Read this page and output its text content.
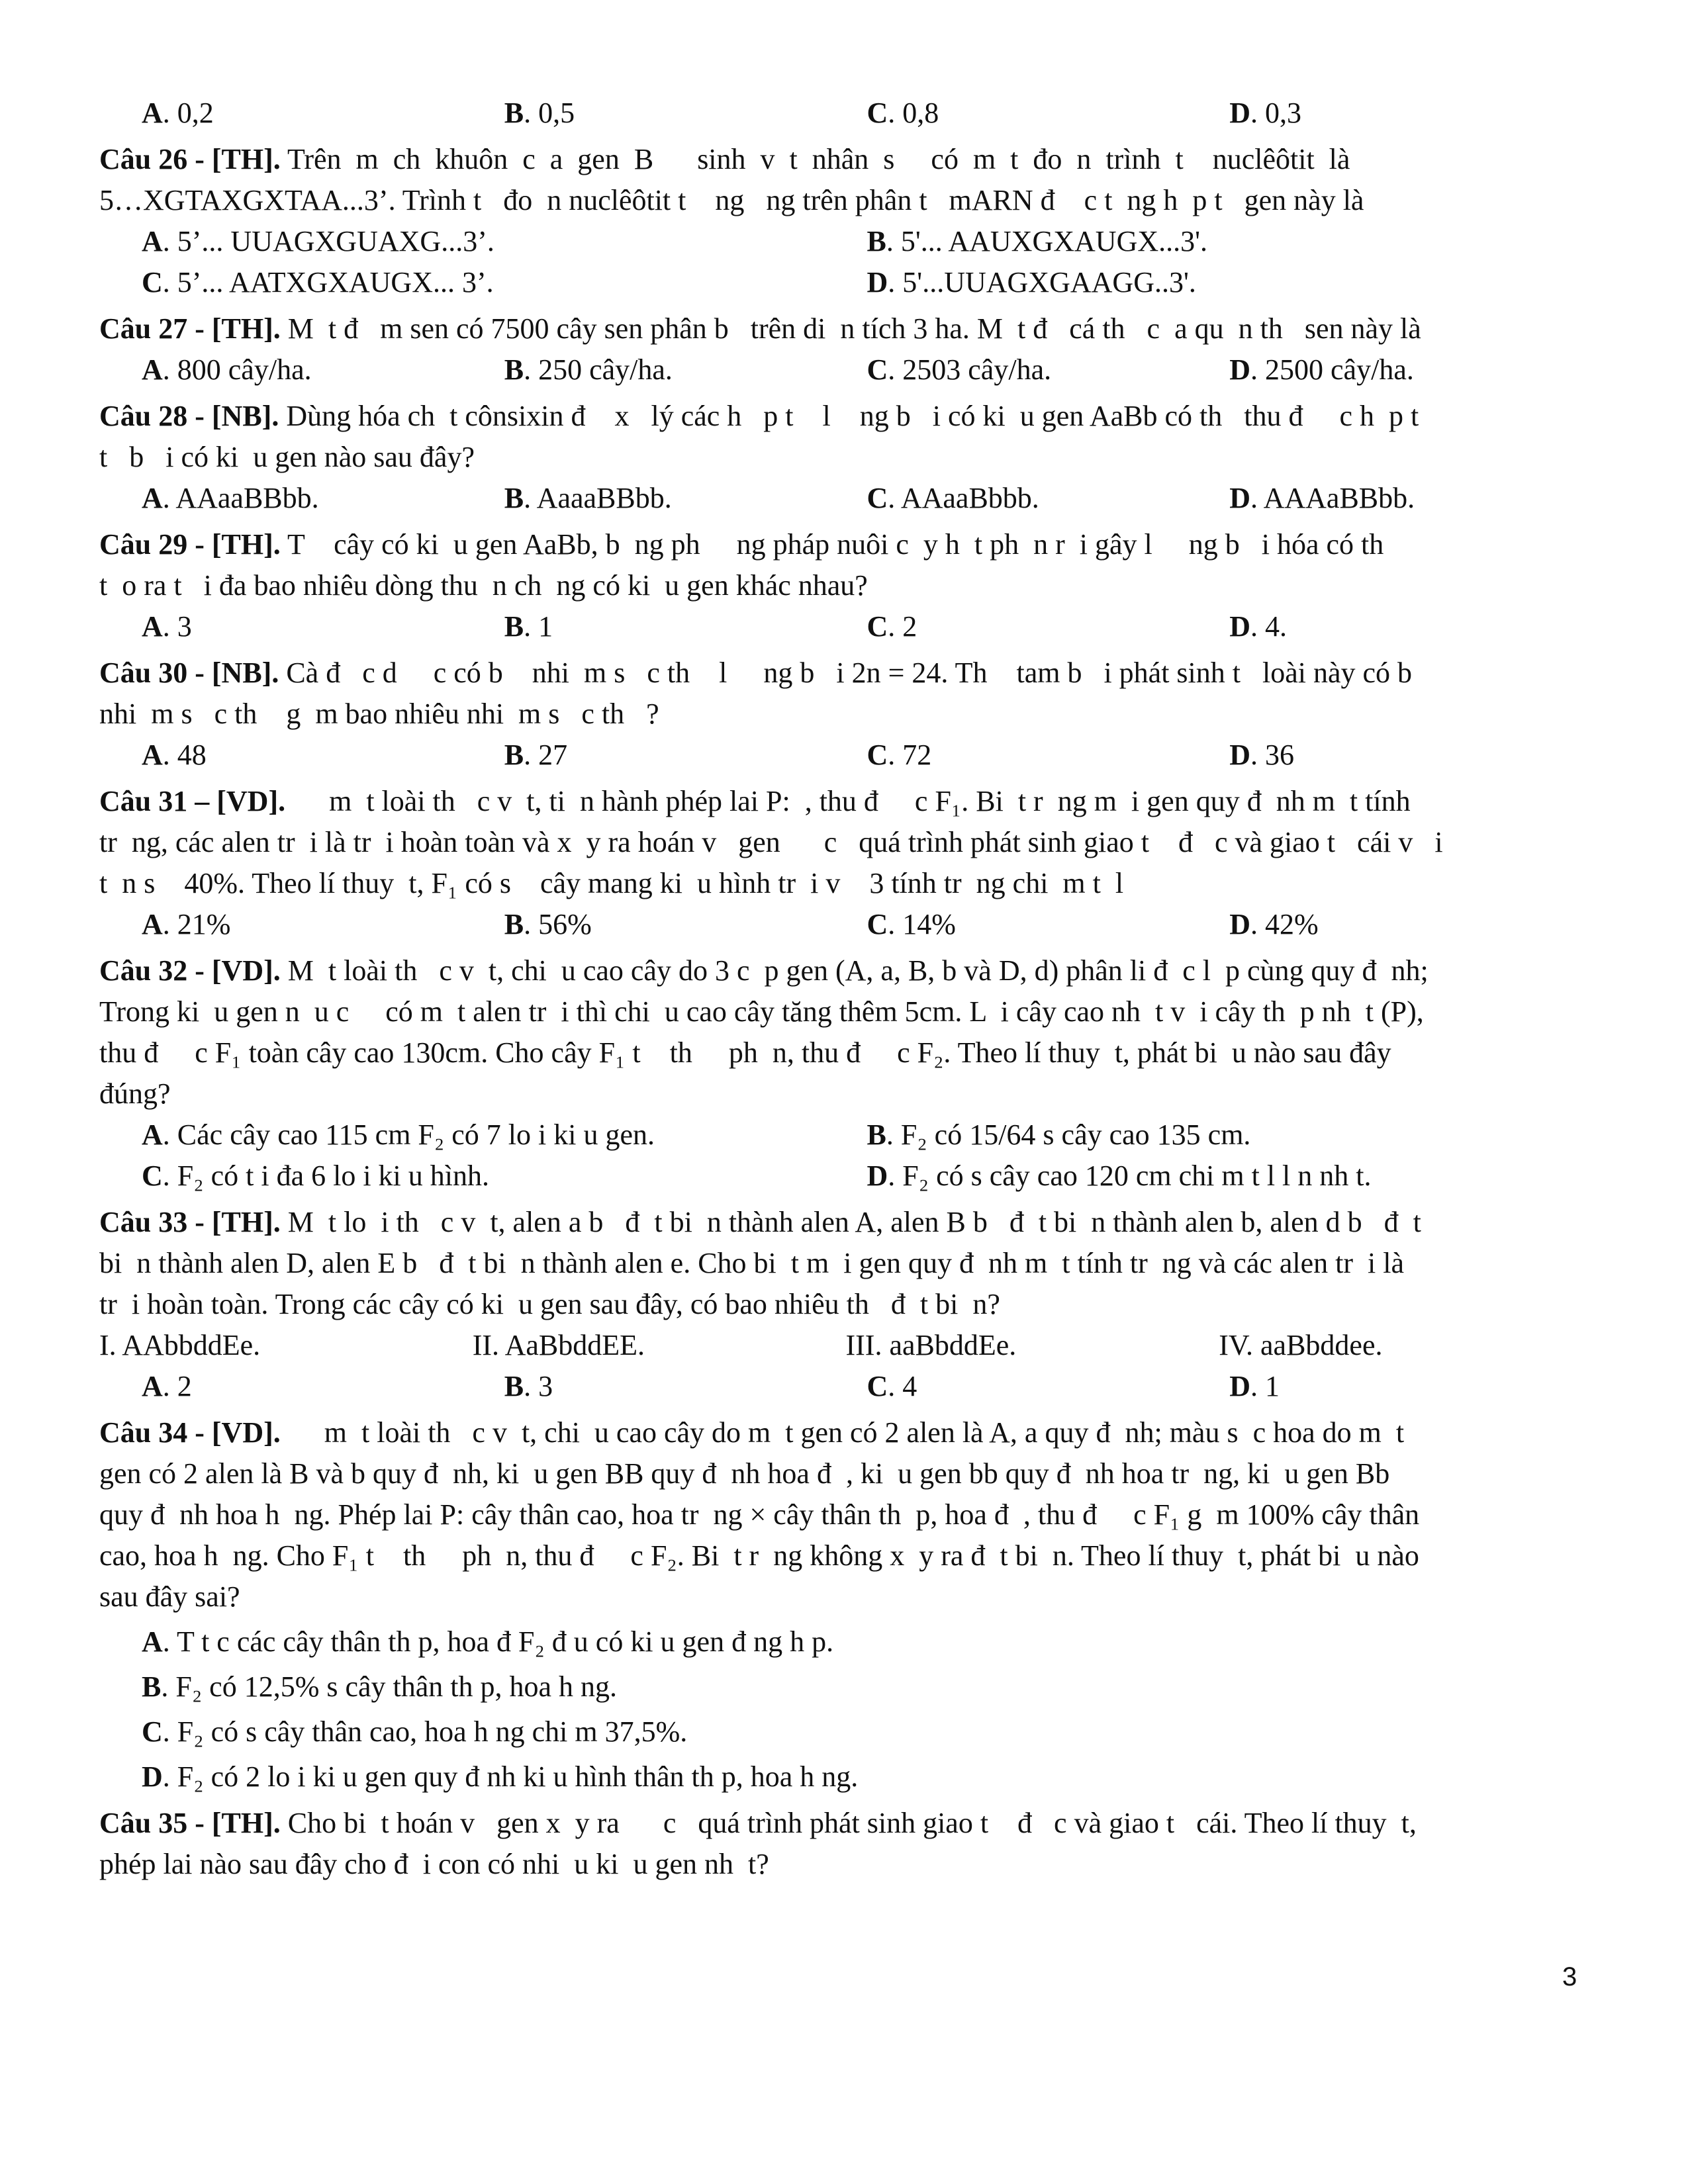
A. 0,2	B. 0,5	C. 0,8	D. 0,3
Câu 26 - [TH]. Trên  m  ch  khuôn  c  a  gen  B      sinh  v  t  nhân  s     có  m  t  đo  n  trình  t    nuclêôtit  là
5…XGTAXGXTAA...3’. Trình t   đo  n nuclêôtit t    ng   ng trên phân t   mARN đ    c t  ng h  p t   gen này là
A. 5’... UUAGXGUAXG...3’.	B. 5'... AAUXGXAUGX...3'.
C. 5’... AATXGXAUGX... 3’.	D. 5'...UUAGXGAAGG..3'.
Câu 27 - [TH]. M  t đ   m sen có 7500 cây sen phân b   trên di  n tích 3 ha. M  t đ   cá th   c  a qu  n th   sen này là
A. 800 cây/ha.	B. 250 cây/ha.	C. 2503 cây/ha.	D. 2500 cây/ha.
Câu 28 - [NB]. Dùng hóa ch  t cônsixin đ    x   lý các h   p t    l    ng b   i có ki  u gen AaBb có th   thu đ     c h  p t
t   b   i có ki  u gen nào sau đây?
A. AAaaBBbb.	B. AaaaBBbb.	C. AAaaBbbb.	D. AAAaBBbb.
Câu 29 - [TH]. T    cây có ki  u gen AaBb, b  ng ph     ng pháp nuôi c  y h  t ph  n r  i gây l     ng b   i hóa có th
t  o ra t   i đa bao nhiêu dòng thu  n ch  ng có ki  u gen khác nhau?
A. 3	B. 1	C. 2	D. 4.
Câu 30 - [NB]. Cà đ   c d     c có b    nhi  m s   c th    l     ng b   i 2n = 24. Th    tam b   i phát sinh t   loài này có b
nhi  m s   c th    g  m bao nhiêu nhi  m s   c th   ?
A. 48	B. 27	C. 72	D. 36
Câu 31 – [VD].      m  t loài th   c v  t, ti  n hành phép lai P:  , thu đ     c F₁. Bi  t r  ng m  i gen quy đ  nh m  t tính
tr  ng, các alen tr  i là tr  i hoàn toàn và x  y ra hoán v   gen      c   quá trình phát sinh giao t    đ   c và giao t   cái v   i
t  n s    40%. Theo lí thuy  t, F₁ có s    cây mang ki  u hình tr  i v    3 tính tr  ng chi  m t  l
A. 21%	B. 56%	C. 14%	D. 42%
Câu 32 - [VD]. M  t loài th   c v  t, chi  u cao cây do 3 c  p gen (A, a, B, b và D, d) phân li đ  c l  p cùng quy đ  nh;
Trong ki  u gen n  u c     có m  t alen tr  i thì chi  u cao cây tăng thêm 5cm. L  i cây cao nh  t v  i cây th  p nh  t (P),
thu đ     c F₁ toàn cây cao 130cm. Cho cây F₁ t    th     ph  n, thu đ     c F₂. Theo lí thuy  t, phát bi  u nào sau đây
đúng?
A. Các cây cao 115 cm F₂ có 7 lo i ki u gen.	B. F₂ có 15/64 s cây cao 135 cm.
C. F₂ có t i đa 6 lo i ki u hình.	D. F₂ có s cây cao 120 cm chi m t l l n nh t.
Câu 33 - [TH]. M  t lo  i th   c v  t, alen a b   đ  t bi  n thành alen A, alen B b   đ  t bi  n thành alen b, alen d b   đ  t
bi  n thành alen D, alen E b   đ  t bi  n thành alen e. Cho bi  t m  i gen quy đ  nh m  t tính tr  ng và các alen tr  i là
tr  i hoàn toàn. Trong các cây có ki  u gen sau đây, có bao nhiêu th   đ  t bi  n?
I. AAbbddEe.	II. AaBbddEE.	III. aaBbddEe.	IV. aaBbddee.
A. 2	B. 3	C. 4	D. 1
Câu 34 - [VD].      m  t loài th   c v  t, chi  u cao cây do m  t gen có 2 alen là A, a quy đ  nh; màu s  c hoa do m  t
gen có 2 alen là B và b quy đ  nh, ki  u gen BB quy đ  nh hoa đ  , ki  u gen bb quy đ  nh hoa tr  ng, ki  u gen Bb
quy đ  nh hoa h  ng. Phép lai P: cây thân cao, hoa tr  ng × cây thân th  p, hoa đ  , thu đ     c F₁ g  m 100% cây thân
cao, hoa h  ng. Cho F₁ t    th     ph  n, thu đ     c F₂. Bi  t r  ng không x  y ra đ  t bi  n. Theo lí thuy  t, phát bi  u nào
sau đây sai?
A. T t c các cây thân th p, hoa đ F₂ đ u có ki u gen đ ng h p.
B. F₂ có 12,5% s cây thân th p, hoa h ng.
C. F₂ có s cây thân cao, hoa h ng chi m 37,5%.
D. F₂ có 2 lo i ki u gen quy đ nh ki u hình thân th p, hoa h ng.
Câu 35 - [TH]. Cho bi  t hoán v   gen x  y ra      c   quá trình phát sinh giao t    đ   c và giao t   cái. Theo lí thuy  t,
phép lai nào sau đây cho đ  i con có nhi  u ki  u gen nh  t?
3
